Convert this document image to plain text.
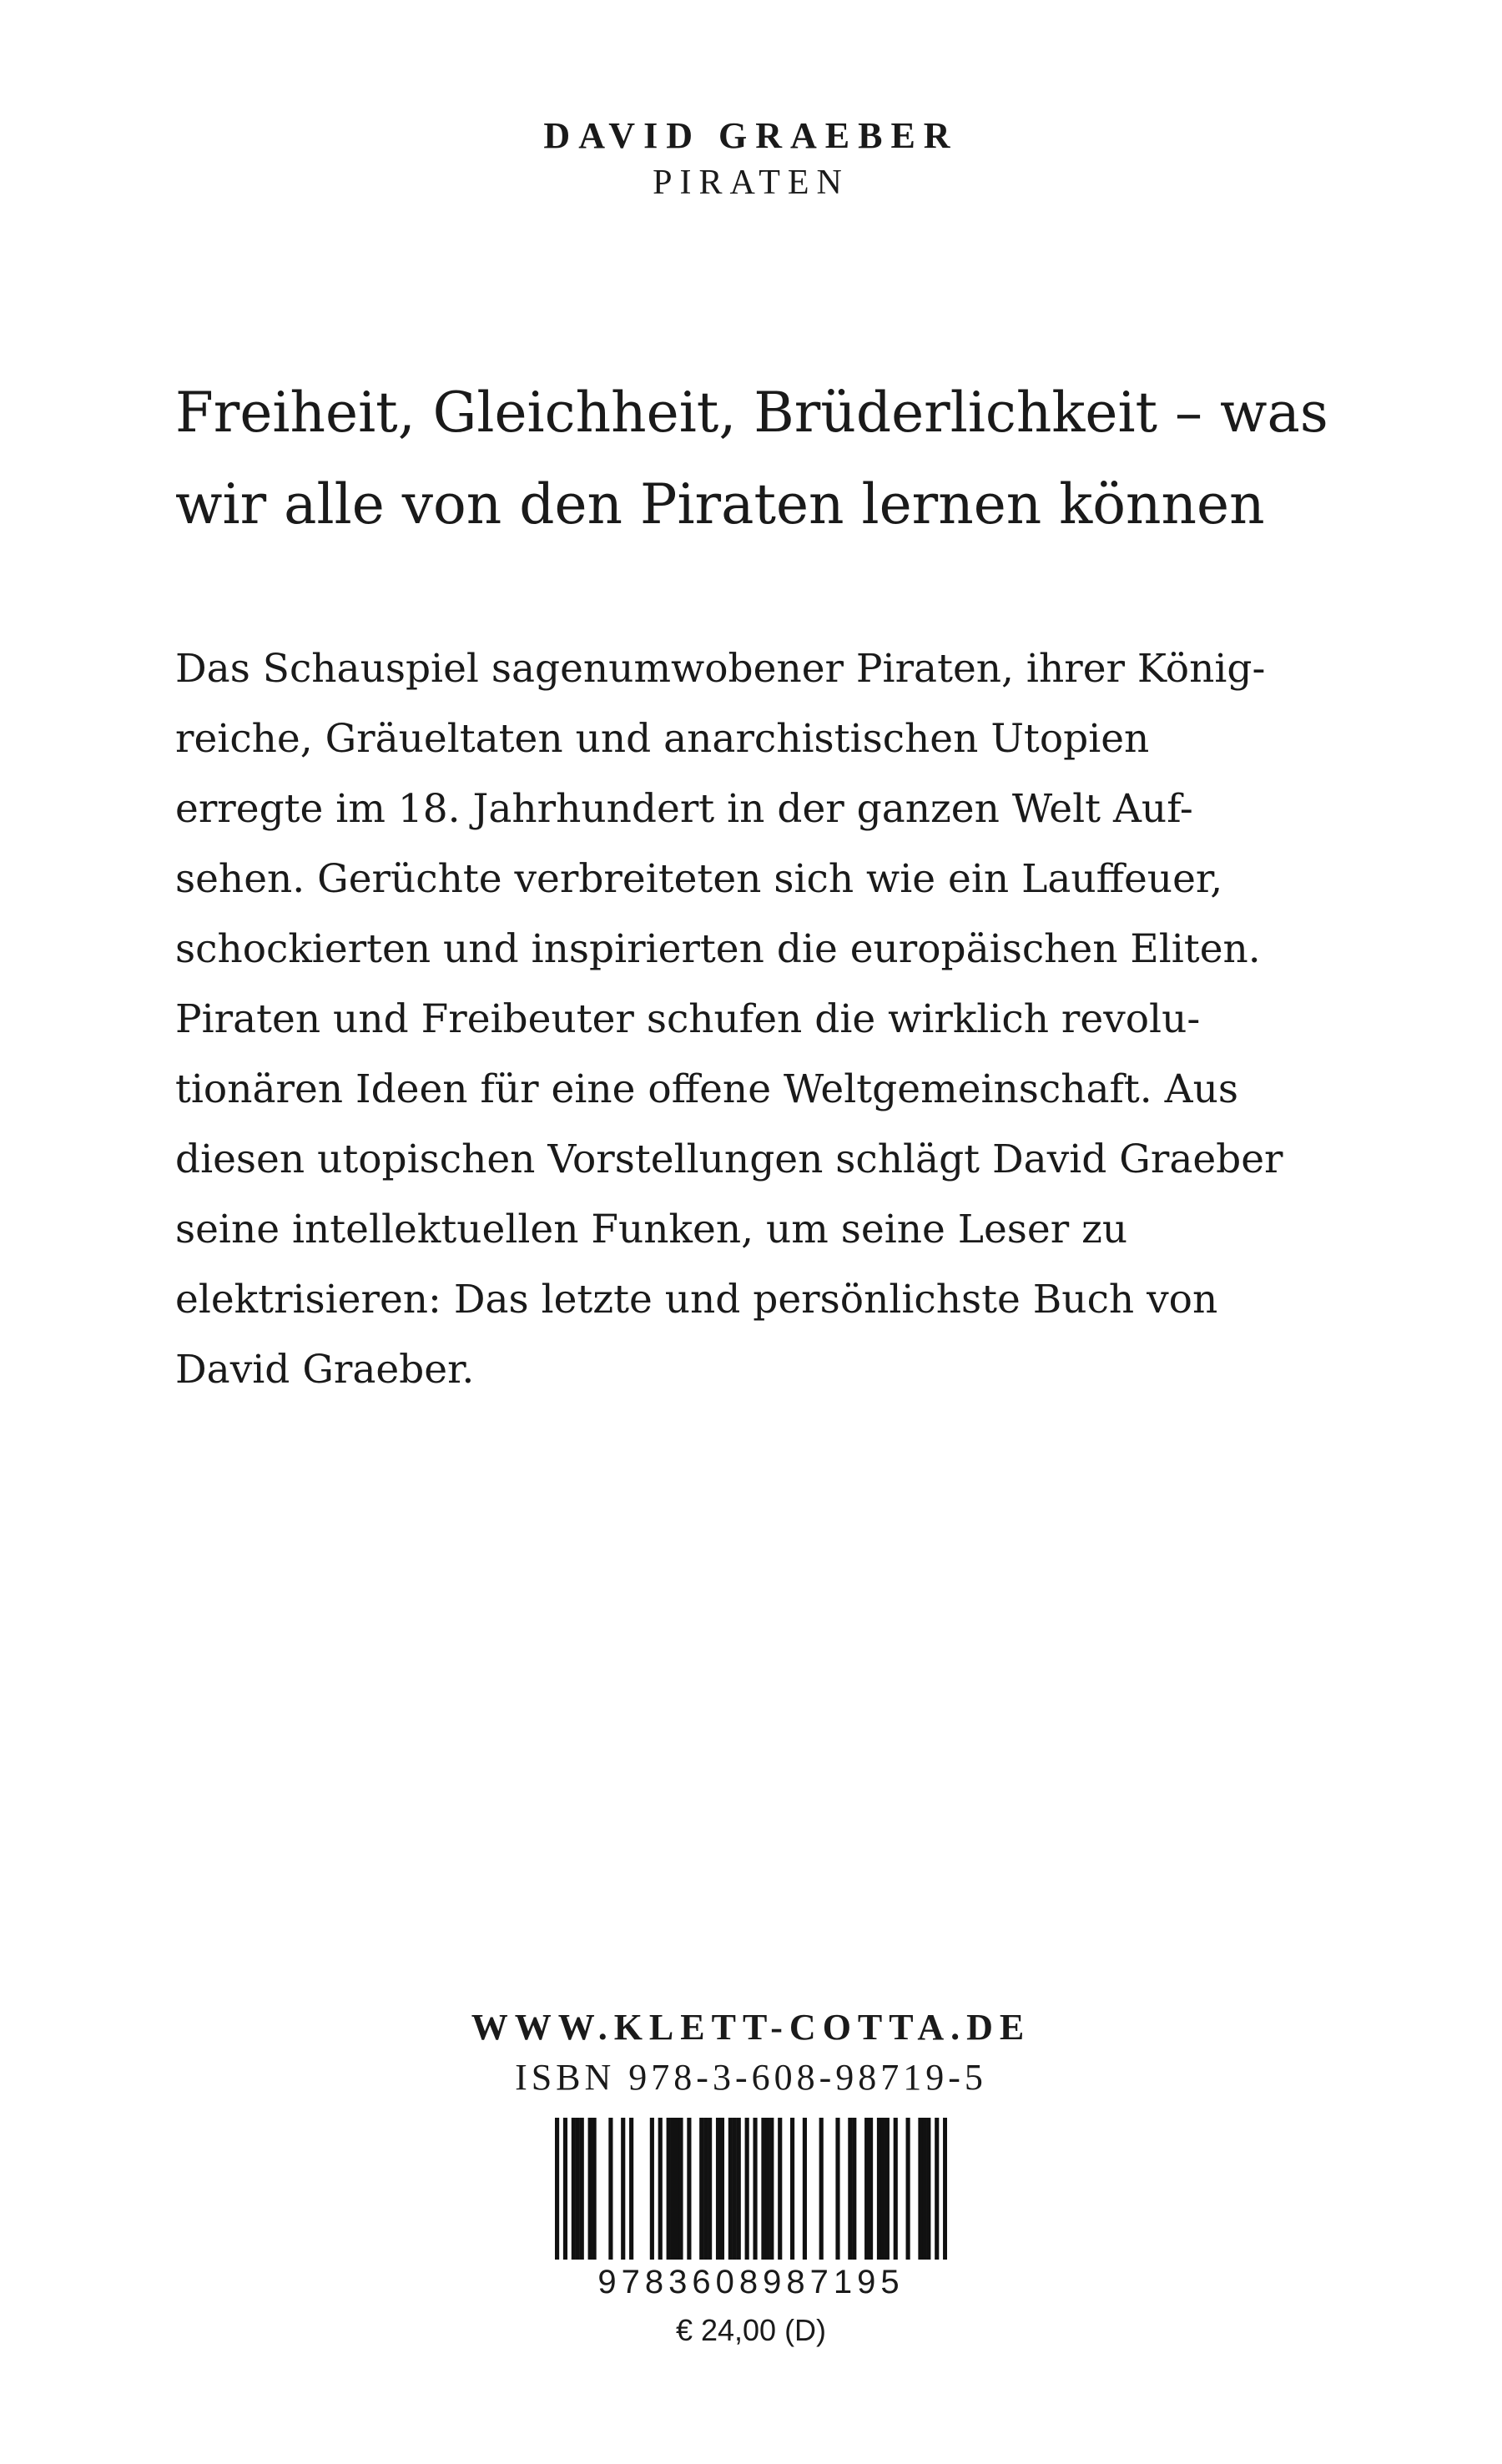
DAVID GRAEBER
PIRATEN
Freiheit, Gleichheit, Brüderlichkeit – was
wir alle von den Piraten lernen können
Das Schauspiel sagenumwobener Piraten, ihrer König-
reiche, Gräueltaten und anarchistischen Utopien
erregte im 18. Jahrhundert in der ganzen Welt Auf-
sehen. Gerüchte verbreiteten sich wie ein Lauffeuer,
schockierten und inspirierten die europäischen Eliten.
Piraten und Freibeuter schufen die wirklich revolu-
tionären Ideen für eine offene Weltgemeinschaft. Aus
diesen utopischen Vorstellungen schlägt David Graeber
seine intellektuellen Funken, um seine Leser zu
elektrisieren: Das letzte und persönlichste Buch von
David Graeber.
WWW.KLETT-COTTA.DE
ISBN 978-3-608-98719-5
9783608987195
€ 24,00 (D)
